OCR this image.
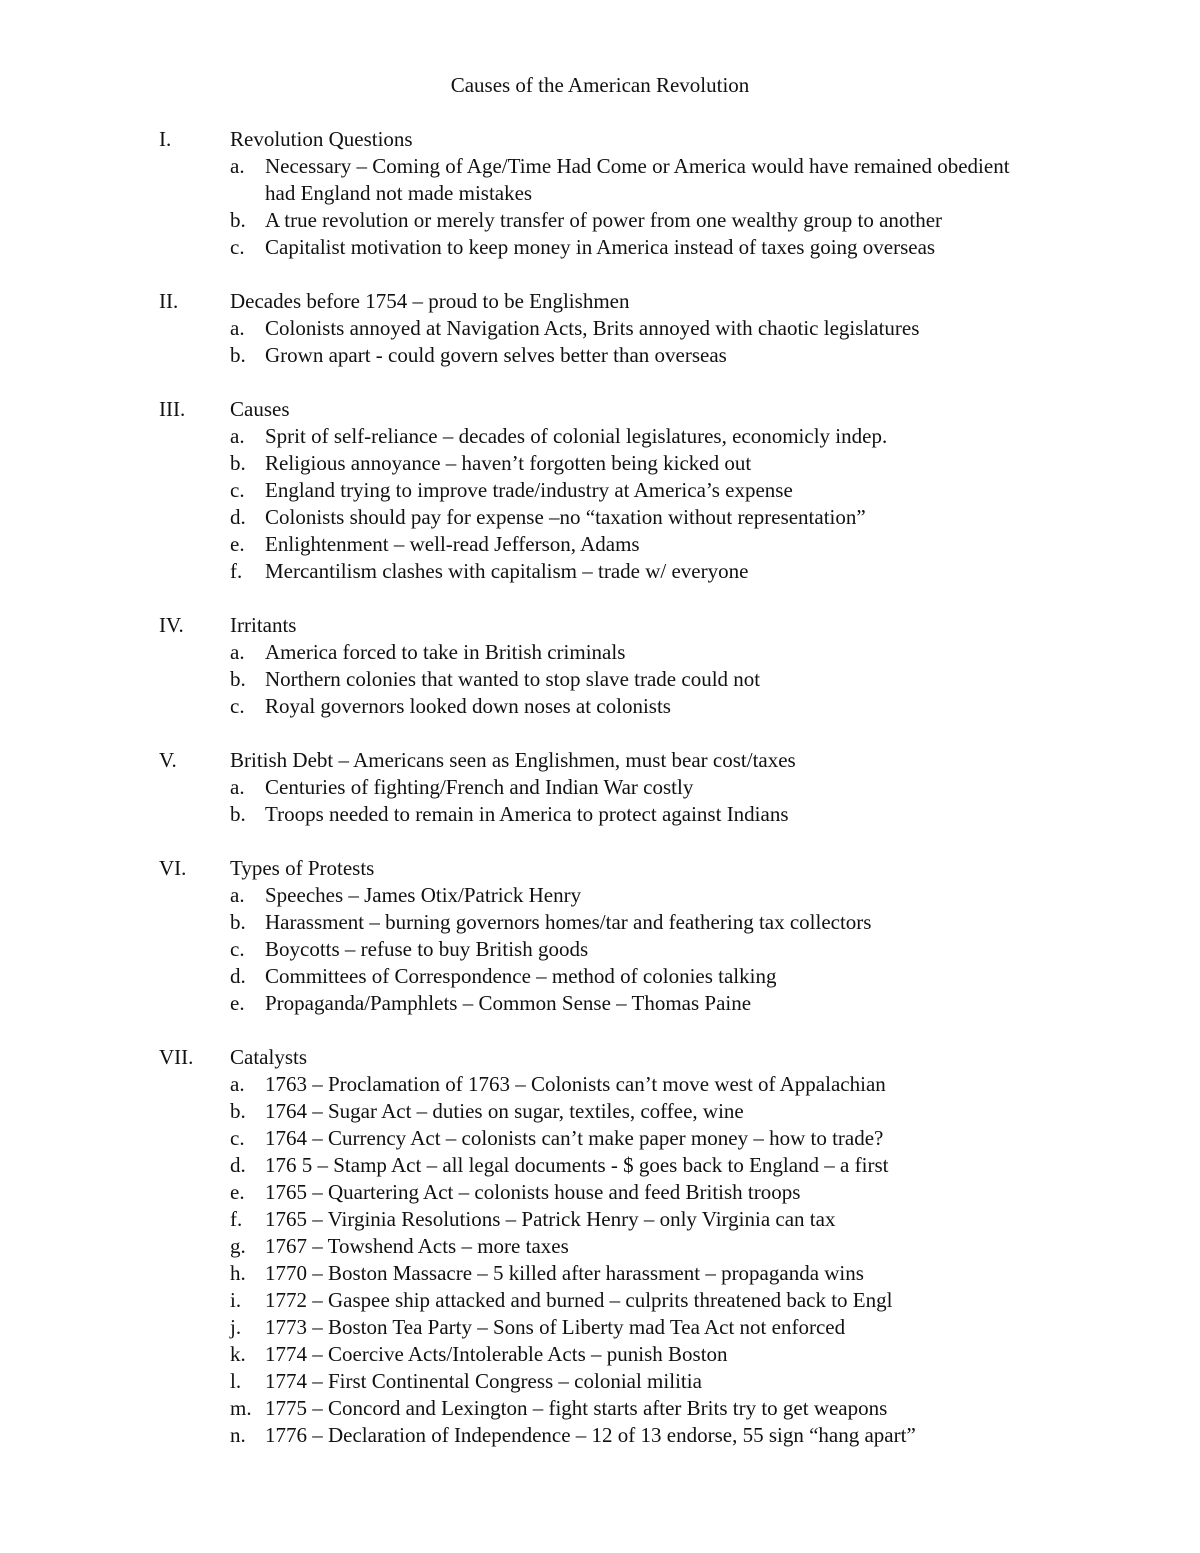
Causes of the American Revolution
I.	Revolution Questions
a. Necessary – Coming of Age/Time Had Come or America would have remained obedient had England not made mistakes
b. A true revolution or merely transfer of power from one wealthy group to another
c. Capitalist motivation to keep money in America instead of taxes going overseas
II.	Decades before 1754 – proud to be Englishmen
a. Colonists annoyed at Navigation Acts, Brits annoyed with chaotic legislatures
b. Grown apart - could govern selves better than overseas
III.	Causes
a. Sprit of self-reliance – decades of colonial legislatures, economicly indep.
b. Religious annoyance – haven’t forgotten being kicked out
c. England trying to improve trade/industry at America’s expense
d. Colonists should pay for expense –no “taxation without representation”
e. Enlightenment – well-read Jefferson, Adams
f.	Mercantilism clashes with capitalism – trade w/ everyone
IV.	Irritants
a. America forced to take in British criminals
b. Northern colonies that wanted to stop slave trade could not
c. Royal governors looked down noses at colonists
V.	British Debt – Americans seen as Englishmen, must bear cost/taxes
a. Centuries of fighting/French and Indian War costly
b. Troops needed to remain in America to protect against Indians
VI.	Types of Protests
a. Speeches – James Otix/Patrick Henry
b. Harassment – burning governors homes/tar and feathering tax collectors
c. Boycotts – refuse to buy British goods
d. Committees of Correspondence – method of colonies talking
e. Propaganda/Pamphlets – Common Sense – Thomas Paine
VII.	Catalysts
a. 1763 – Proclamation of 1763 – Colonists can’t move west of Appalachian
b. 1764 – Sugar Act – duties on sugar, textiles, coffee, wine
c. 1764 – Currency Act – colonists can’t make paper money – how to trade?
d. 176 5 – Stamp Act – all legal documents - $ goes back to England – a first
e. 1765 – Quartering Act – colonists house and feed British troops
f.	1765 – Virginia Resolutions – Patrick Henry – only Virginia can tax
g. 1767 – Towshend Acts – more taxes
h. 1770 – Boston Massacre – 5 killed after harassment – propaganda wins
i.	1772 – Gaspee ship attacked and burned – culprits threatened back to Engl
j.	1773 – Boston Tea Party – Sons of Liberty mad Tea Act not enforced
k. 1774 – Coercive Acts/Intolerable Acts – punish Boston
l.	1774 – First Continental Congress – colonial militia
m. 1775 – Concord and Lexington – fight starts after Brits try to get weapons
n. 1776 – Declaration of Independence – 12 of 13 endorse, 55 sign “hang apart”
